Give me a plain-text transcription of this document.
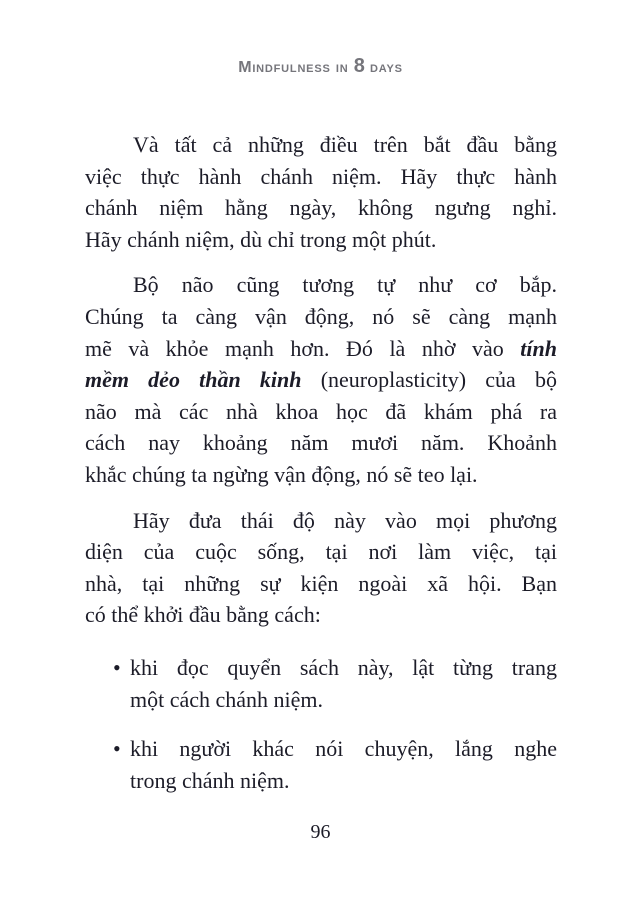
Mindfulness in 8 days
Và tất cả những điều trên bắt đầu bằng
việc thực hành chánh niệm. Hãy thực hành
chánh niệm hằng ngày, không ngưng nghỉ.
Hãy chánh niệm, dù chỉ trong một phút.
Bộ não cũng tương tự như cơ bắp.
Chúng ta càng vận động, nó sẽ càng mạnh
mẽ và khỏe mạnh hơn. Đó là nhờ vào tính
mềm dẻo thần kinh (neuroplasticity) của bộ
não mà các nhà khoa học đã khám phá ra
cách nay khoảng năm mươi năm. Khoảnh
khắc chúng ta ngừng vận động, nó sẽ teo lại.
Hãy đưa thái độ này vào mọi phương
diện của cuộc sống, tại nơi làm việc, tại
nhà, tại những sự kiện ngoài xã hội. Bạn
có thể khởi đầu bằng cách:
• khi đọc quyển sách này, lật từng trang
một cách chánh niệm.
• khi người khác nói chuyện, lắng nghe
trong chánh niệm.
96
